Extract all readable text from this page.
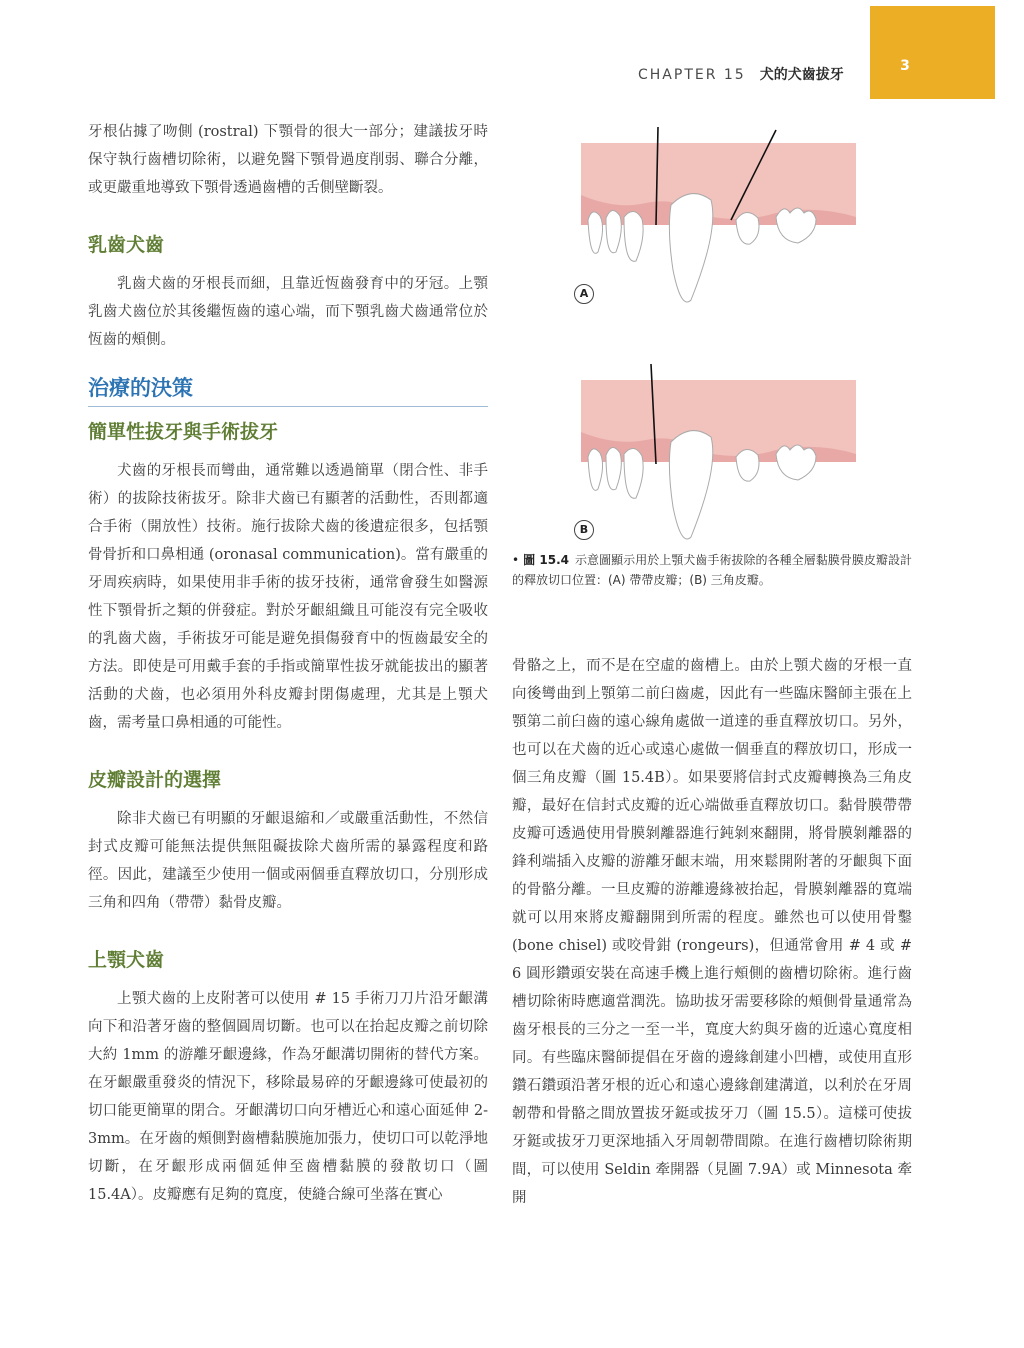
3
CHAPTER 15 犬的犬齒拔牙

牙根佔據了吻側 (rostral) 下顎骨的很大一部分；建議拔牙時保守執行齒槽切除術，以避免醫下顎骨過度削弱、聯合分離，或更嚴重地導致下顎骨透過齒槽的舌側壁斷裂。

乳齒犬齒

乳齒犬齒的牙根長而細，且靠近恆齒發育中的牙冠。上顎乳齒犬齒位於其後繼恆齒的遠心端，而下顎乳齒犬齒通常位於恆齒的頰側。

治療的決策
簡單性拔牙與手術拔牙

犬齒的牙根長而彎曲，通常難以透過簡單（閉合性、非手術）的拔除技術拔牙。除非犬齒已有顯著的活動性，否則都適合手術（開放性）技術。施行拔除犬齒的後遺症很多，包括顎骨骨折和口鼻相通 (oronasal communication)。當有嚴重的牙周疾病時，如果使用非手術的拔牙技術，通常會發生如醫源性下顎骨折之類的併發症。對於牙齦組織且可能沒有完全吸收的乳齒犬齒，手術拔牙可能是避免損傷發育中的恆齒最安全的方法。即使是可用戴手套的手指或簡單性拔牙就能拔出的顯著活動的犬齒，也必須用外科皮瓣封閉傷處理，尤其是上顎犬齒，需考量口鼻相通的可能性。

皮瓣設計的選擇

除非犬齒已有明顯的牙齦退縮和／或嚴重活動性，不然信封式皮瓣可能無法提供無阻礙拔除犬齒所需的暴露程度和路徑。因此，建議至少使用一個或兩個垂直釋放切口，分別形成三角和四角（帶帶）黏骨皮瓣。

上顎犬齒

上顎犬齒的上皮附著可以使用 # 15 手術刀刀片沿牙齦溝向下和沿著牙齒的整個圓周切斷。也可以在抬起皮瓣之前切除大約 1mm 的游離牙齦邊緣，作為牙齦溝切開術的替代方案。在牙齦嚴重發炎的情況下，移除最易碎的牙齦邊緣可使最初的切口能更簡單的閉合。牙齦溝切口向牙槽近心和遠心面延伸 2-3mm。在牙齒的頰側對齒槽黏膜施加張力，使切口可以乾淨地切斷，在牙齦形成兩個延伸至齒槽黏膜的發散切口（圖 15.4A）。皮瓣應有足夠的寬度，使縫合線可坐落在實心

A
B
• 圖 15.4 示意圖顯示用於上顎犬齒手術拔除的各種全層黏膜骨膜皮瓣設計的釋放切口位置：(A) 帶帶皮瓣；(B) 三角皮瓣。

骨骼之上，而不是在空虛的齒槽上。由於上顎犬齒的牙根一直向後彎曲到上顎第二前臼齒處，因此有一些臨床醫師主張在上顎第二前臼齒的遠心線角處做一道達的垂直釋放切口。另外，也可以在犬齒的近心或遠心處做一個垂直的釋放切口，形成一個三角皮瓣（圖 15.4B）。如果要將信封式皮瓣轉換為三角皮瓣，最好在信封式皮瓣的近心端做垂直釋放切口。黏骨膜帶帶皮瓣可透過使用骨膜剝離器進行鈍剝來翻開，將骨膜剝離器的鋒利端插入皮瓣的游離牙齦末端，用來鬆開附著的牙齦與下面的骨骼分離。一旦皮瓣的游離邊緣被抬起，骨膜剝離器的寬端就可以用來將皮瓣翻開到所需的程度。雖然也可以使用骨鑿 (bone chisel) 或咬骨鉗 (rongeurs)，但通常會用 # 4 或 # 6 圓形鑽頭安裝在高速手機上進行頰側的齒槽切除術。進行齒槽切除術時應適當潤洗。協助拔牙需要移除的頰側骨量通常為齒牙根長的三分之一至一半，寬度大約與牙齒的近遠心寬度相同。有些臨床醫師提倡在牙齒的邊緣創建小凹槽，或使用直形鑽石鑽頭沿著牙根的近心和遠心邊緣創建溝道，以利於在牙周韌帶和骨骼之間放置拔牙鋌或拔牙刀（圖 15.5）。這樣可使拔牙鋌或拔牙刀更深地插入牙周韌帶間隙。在進行齒槽切除術期間，可以使用 Seldin 牽開器（見圖 7.9A）或 Minnesota 牽開
